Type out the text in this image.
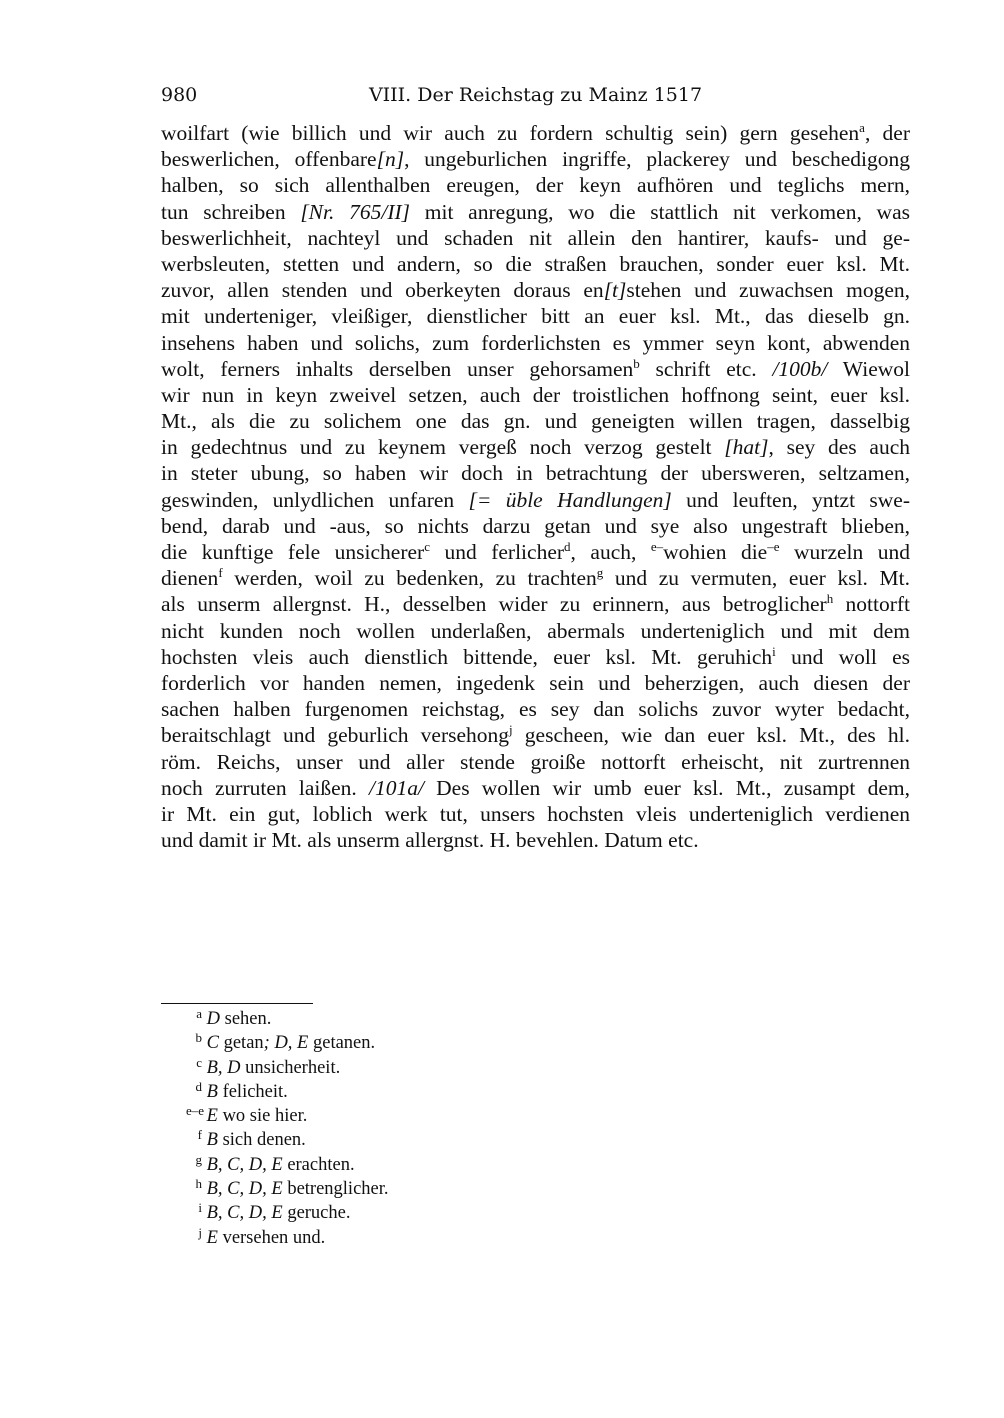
980	VIII. Der Reichstag zu Mainz 1517
woilfart (wie billich und wir auch zu fordern schultig sein) gern gesehen$^a$, der
beswerlichen, offenbare[n], ungeburlichen ingriffe, plackerey und beschedigong
halben, so sich allenthalben ereugen, der keyn aufhören und teglichs mern,
tun schreiben [Nr. 765/II] mit anregung, wo die stattlich nit verkomen, was
beswerlichheit, nachteyl und schaden nit allein den hantirer, kaufs- und ge-
werbsleuten, stetten und andern, so die straßen brauchen, sonder euer ksl. Mt.
zuvor, allen stenden und oberkeyten doraus en[t]stehen und zuwachsen mogen,
mit underteniger, vleißiger, dienstlicher bitt an euer ksl. Mt., das dieselb gn.
insehens haben und solichs, zum forderlichsten es ymmer seyn kont, abwenden
wolt, ferners inhalts derselben unser gehorsamen$^b$ schrift etc. /100b/ Wiewol
wir nun in keyn zweivel setzen, auch der troistlichen hoffnong seint, euer ksl.
Mt., als die zu solichem one das gn. und geneigten willen tragen, dasselbig
in gedechtnus und zu keynem vergeß noch verzog gestelt [hat], sey des auch
in steter ubung, so haben wir doch in betrachtung der ubersweren, seltzamen,
geswinden, unlydlichen unfaren [= üble Handlungen] und leuften, yntzt swe-
bend, darab und -aus, so nichts darzu getan und sye also ungestraft blieben,
die kunftige fele unsicherer$^c$ und ferlicher$^d$, auch, $^{e-}$wohien die$^{-e}$ wurzeln und
dienen$^f$ werden, woil zu bedenken, zu trachten$^g$ und zu vermuten, euer ksl. Mt.
als unserm allergnst. H., desselben wider zu erinnern, aus betroglicher$^h$ nottorft
nicht kunden noch wollen underlaßen, abermals underteniglich und mit dem
hochsten vleis auch dienstlich bittende, euer ksl. Mt. geruhich$^i$ und woll es
forderlich vor handen nemen, ingedenk sein und beherzigen, auch diesen der
sachen halben furgenomen reichstag, es sey dan solichs zuvor wyter bedacht,
beraitschlagt und geburlich versehong$^j$ gescheen, wie dan euer ksl. Mt., des hl.
röm. Reichs, unser und aller stende groiße nottorft erheischt, nit zurtrennen
noch zurruten laißen. /101a/ Des wollen wir umb euer ksl. Mt., zusampt dem,
ir Mt. ein gut, loblich werk tut, unsers hochsten vleis underteniglich verdienen
und damit ir Mt. als unserm allergnst. H. bevehlen. Datum etc.
a D sehen.
b C getan; D, E getanen.
c B, D unsicherheit.
d B felicheit.
e–e E wo sie hier.
f B sich denen.
g B, C, D, E erachten.
h B, C, D, E betrenglicher.
i B, C, D, E geruche.
j E versehen und.
